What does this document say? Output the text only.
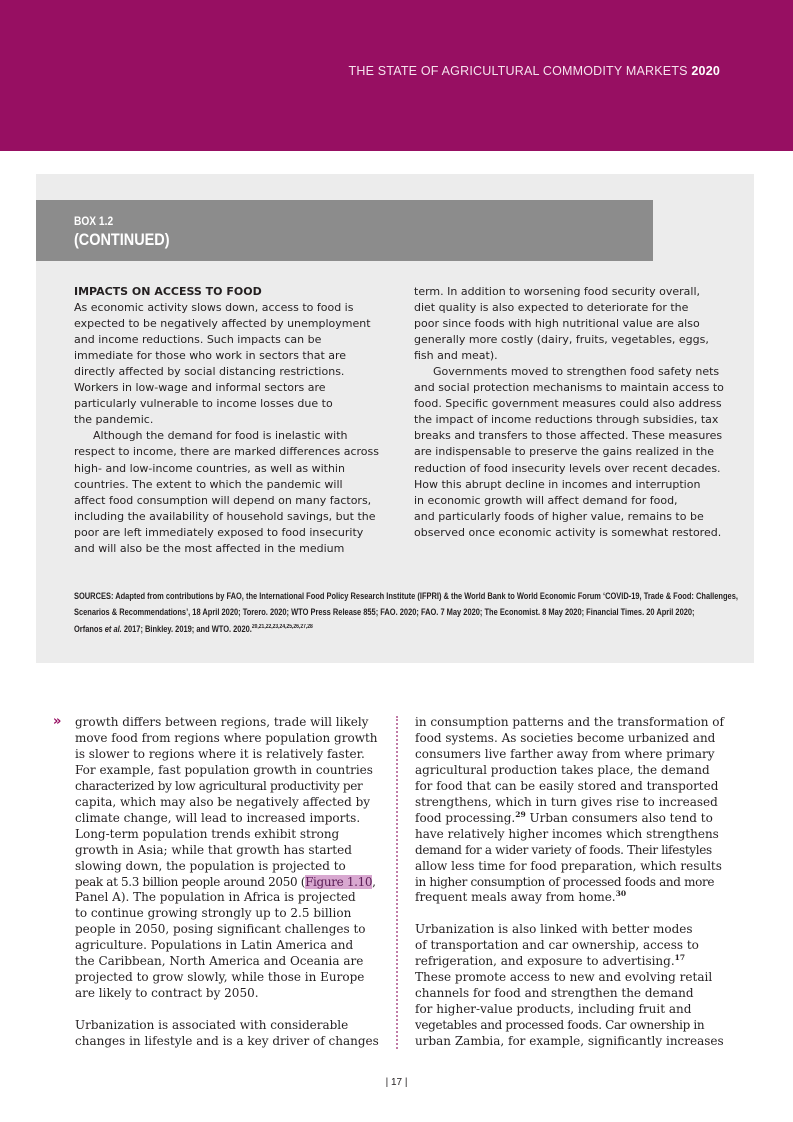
THE STATE OF AGRICULTURAL COMMODITY MARKETS 2020
BOX 1.2
(CONTINUED)
IMPACTS ON ACCESS TO FOOD
As economic activity slows down, access to food is
expected to be negatively affected by unemployment
and income reductions. Such impacts can be
immediate for those who work in sectors that are
directly affected by social distancing restrictions.
Workers in low-wage and informal sectors are
particularly vulnerable to income losses due to
the pandemic.
Although the demand for food is inelastic with
respect to income, there are marked differences across
high- and low-income countries, as well as within
countries. The extent to which the pandemic will
affect food consumption will depend on many factors,
including the availability of household savings, but the
poor are left immediately exposed to food insecurity
and will also be the most affected in the medium
term. In addition to worsening food security overall,
diet quality is also expected to deteriorate for the
poor since foods with high nutritional value are also
generally more costly (dairy, fruits, vegetables, eggs,
fish and meat).
Governments moved to strengthen food safety nets
and social protection mechanisms to maintain access to
food. Specific government measures could also address
the impact of income reductions through subsidies, tax
breaks and transfers to those affected. These measures
are indispensable to preserve the gains realized in the
reduction of food insecurity levels over recent decades.
How this abrupt decline in incomes and interruption
in economic growth will affect demand for food,
and particularly foods of higher value, remains to be
observed once economic activity is somewhat restored.
SOURCES: Adapted from contributions by FAO, the International Food Policy Research Institute (IFPRI) & the World Bank to World Economic Forum ‘COVID-19, Trade & Food: Challenges,
Scenarios & Recommendations’, 18 April 2020; Torero. 2020; WTO Press Release 855; FAO. 2020; FAO. 7 May 2020; The Economist. 8 May 2020; Financial Times. 20 April 2020;
Orfanos et al. 2017; Binkley. 2019; and WTO. 2020.$^{20,21,22,23,24,25,26,27,28}$
» growth differs between regions, trade will likely
move food from regions where population growth
is slower to regions where it is relatively faster.
For example, fast population growth in countries
characterized by low agricultural productivity per
capita, which may also be negatively affected by
climate change, will lead to increased imports.
Long-term population trends exhibit strong
growth in Asia; while that growth has started
slowing down, the population is projected to
peak at 5.3 billion people around 2050 (Figure 1.10,
Panel A). The population in Africa is projected
to continue growing strongly up to 2.5 billion
people in 2050, posing significant challenges to
agriculture. Populations in Latin America and
the Caribbean, North America and Oceania are
projected to grow slowly, while those in Europe
are likely to contract by 2050.
Urbanization is associated with considerable
changes in lifestyle and is a key driver of changes
in consumption patterns and the transformation of
food systems. As societies become urbanized and
consumers live farther away from where primary
agricultural production takes place, the demand
for food that can be easily stored and transported
strengthens, which in turn gives rise to increased
food processing.$^{29}$ Urban consumers also tend to
have relatively higher incomes which strengthens
demand for a wider variety of foods. Their lifestyles
allow less time for food preparation, which results
in higher consumption of processed foods and more
frequent meals away from home.$^{30}$
Urbanization is also linked with better modes
of transportation and car ownership, access to
refrigeration, and exposure to advertising.$^{17}$
These promote access to new and evolving retail
channels for food and strengthen the demand
for higher-value products, including fruit and
vegetables and processed foods. Car ownership in
urban Zambia, for example, significantly increases
| 17 |
